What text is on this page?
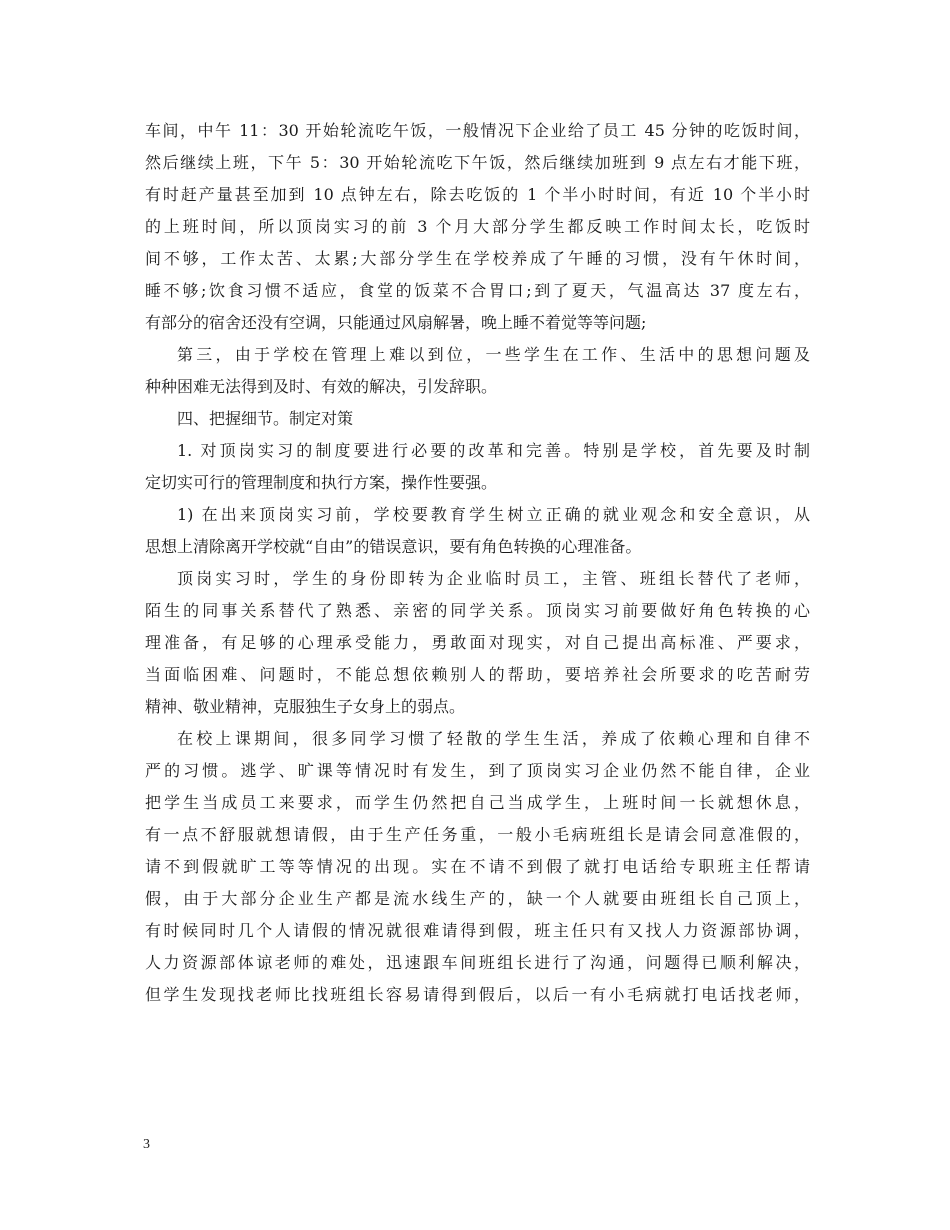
车间，中午 11：30 开始轮流吃午饭，一般情况下企业给了员工 45 分钟的吃饭时间，
然后继续上班，下午 5：30 开始轮流吃下午饭，然后继续加班到 9 点左右才能下班，
有时赶产量甚至加到 10 点钟左右，除去吃饭的 1 个半小时时间，有近 10 个半小时
的上班时间，所以顶岗实习的前 3 个月大部分学生都反映工作时间太长，吃饭时
间不够，工作太苦、太累;大部分学生在学校养成了午睡的习惯，没有午休时间，
睡不够;饮食习惯不适应，食堂的饭菜不合胃口;到了夏天，气温高达 37 度左右，
有部分的宿舍还没有空调，只能通过风扇解暑，晚上睡不着觉等等问题;
第三，由于学校在管理上难以到位，一些学生在工作、生活中的思想问题及
种种困难无法得到及时、有效的解决，引发辞职。
四、把握细节。制定对策
1. 对顶岗实习的制度要进行必要的改革和完善。特别是学校，首先要及时制
定切实可行的管理制度和执行方案，操作性要强。
1) 在出来顶岗实习前，学校要教育学生树立正确的就业观念和安全意识，从
思想上清除离开学校就“自由”的错误意识，要有角色转换的心理准备。
顶岗实习时，学生的身份即转为企业临时员工，主管、班组长替代了老师，
陌生的同事关系替代了熟悉、亲密的同学关系。顶岗实习前要做好角色转换的心
理准备，有足够的心理承受能力，勇敢面对现实，对自己提出高标准、严要求，
当面临困难、问题时，不能总想依赖别人的帮助，要培养社会所要求的吃苦耐劳
精神、敬业精神，克服独生子女身上的弱点。
在校上课期间，很多同学习惯了轻散的学生生活，养成了依赖心理和自律不
严的习惯。逃学、旷课等情况时有发生，到了顶岗实习企业仍然不能自律，企业
把学生当成员工来要求，而学生仍然把自己当成学生，上班时间一长就想休息，
有一点不舒服就想请假，由于生产任务重，一般小毛病班组长是请会同意准假的，
请不到假就旷工等等情况的出现。实在不请不到假了就打电话给专职班主任帮请
假，由于大部分企业生产都是流水线生产的，缺一个人就要由班组长自己顶上，
有时候同时几个人请假的情况就很难请得到假，班主任只有又找人力资源部协调，
人力资源部体谅老师的难处，迅速跟车间班组长进行了沟通，问题得已顺利解决，
但学生发现找老师比找班组长容易请得到假后，以后一有小毛病就打电话找老师，
3
